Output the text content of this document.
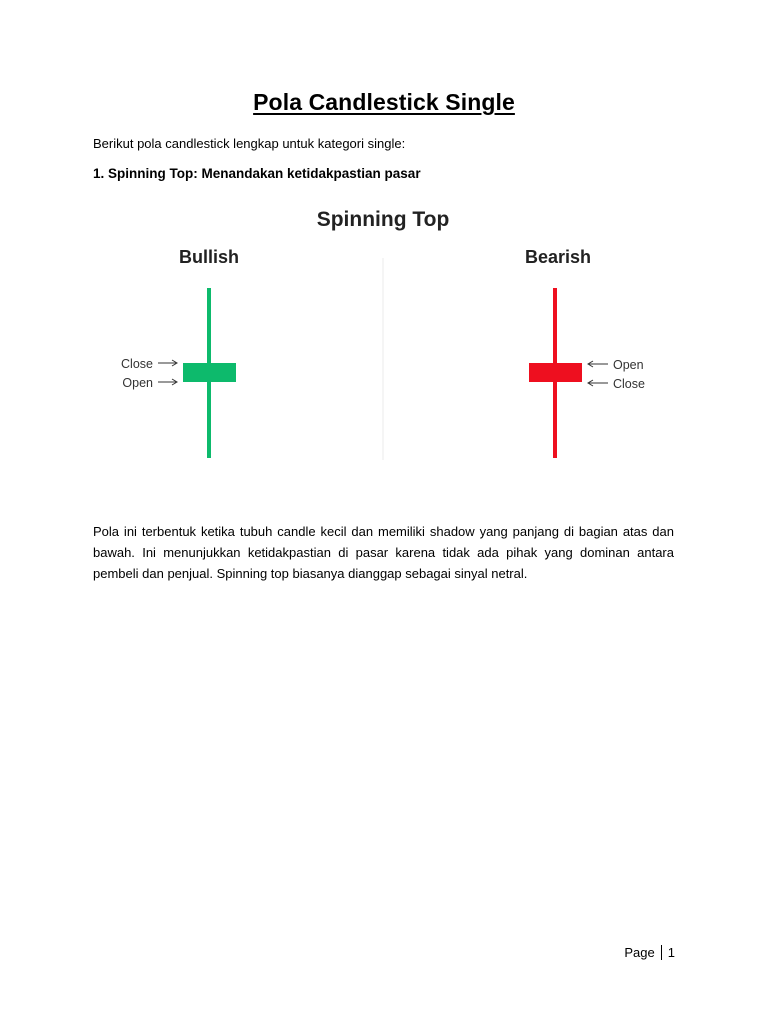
Pola Candlestick Single
Berikut pola candlestick lengkap untuk kategori single:
1. Spinning Top: Menandakan ketidakpastian pasar
Spinning Top
Bullish
Close
Open
Bearish
Open
Close
Pola ini terbentuk ketika tubuh candle kecil dan memiliki shadow yang panjang di bagian atas dan bawah. Ini menunjukkan ketidakpastian di pasar karena tidak ada pihak yang dominan antara pembeli dan penjual. Spinning top biasanya dianggap sebagai sinyal netral.
Page 1
